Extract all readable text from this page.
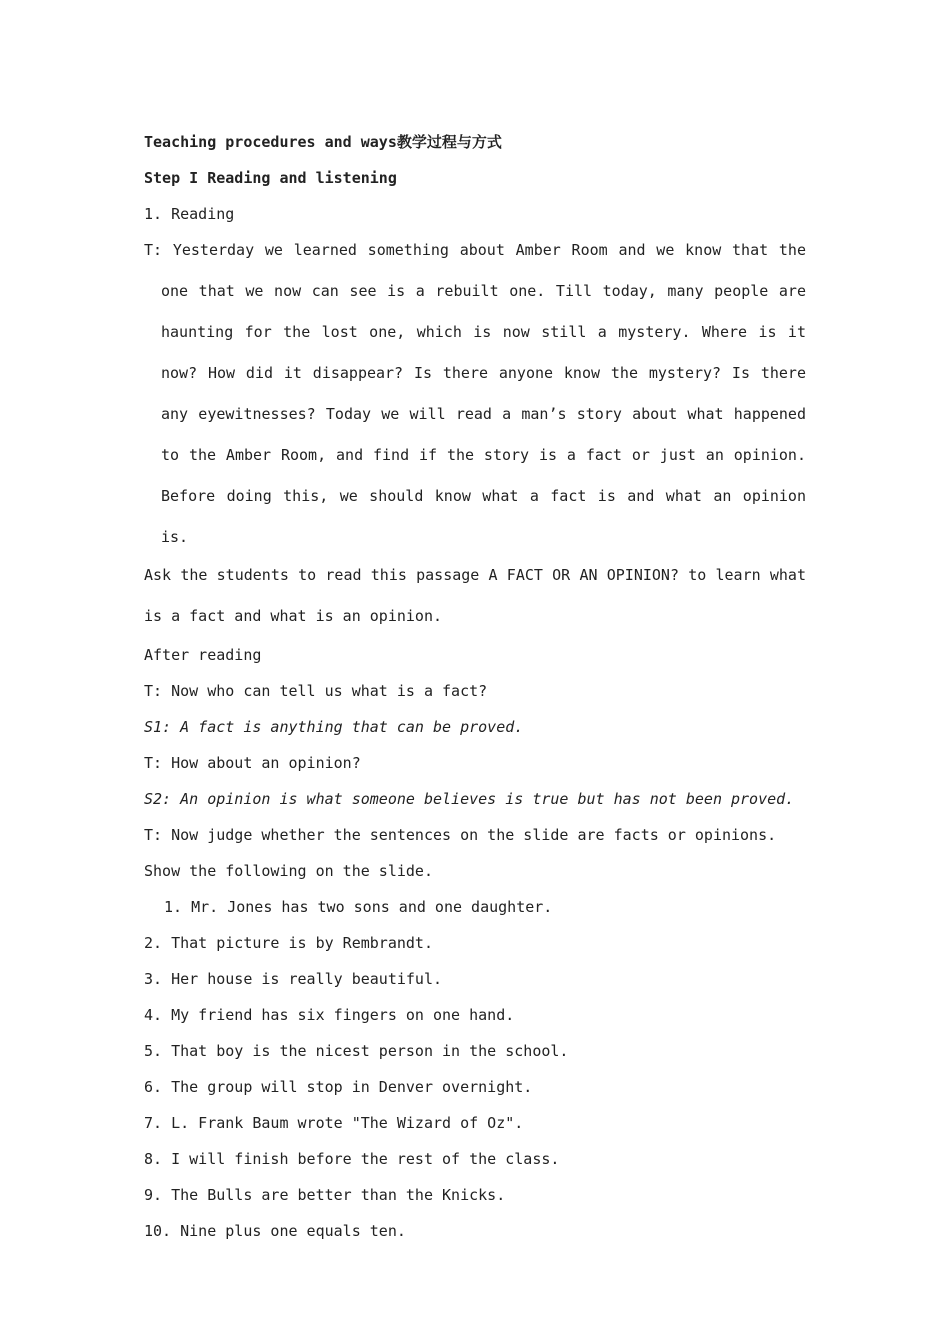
Teaching procedures and ways教学过程与方式
Step I Reading and listening
1. Reading
T: Yesterday we learned something about Amber Room and we know that the one that we now can see is a rebuilt one. Till today, many people are haunting for the lost one, which is now still a mystery. Where is it now? How did it disappear? Is there anyone know the mystery? Is there any eyewitnesses? Today we will read a man’s story about what happened to the Amber Room, and find if the story is a fact or just an opinion. Before doing this, we should know what a fact is and what an opinion is.
Ask the students to read this passage A FACT OR AN OPINION? to learn what is a fact and what is an opinion.
After reading
T: Now who can tell us what is a fact?
S1: A fact is anything that can be proved.
T: How about an opinion?
S2: An opinion is what someone believes is true but has not been proved.
T: Now judge whether the sentences on the slide are facts or opinions.
Show the following on the slide.
1. Mr. Jones has two sons and one daughter.
2. That picture is by Rembrandt.
3. Her house is really beautiful.
4. My friend has six fingers on one hand.
5. That boy is the nicest person in the school.
6. The group will stop in Denver overnight.
7. L. Frank Baum wrote "The Wizard of Oz".
8. I will finish before the rest of the class.
9. The Bulls are better than the Knicks.
10. Nine plus one equals ten.
